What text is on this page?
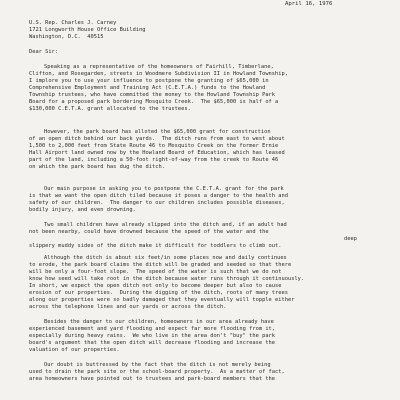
April 16, 1976
U.S. Rep. Charles J. Carney
1721 Longworth House Office Building
Washington, D.C.  40515
Dear Sir:
Speaking as a representative of the homeowners of Fairhill, Timberlane,
Clifton, and Rosegarden, streets in Woodmere Subdivision II in Howland Township,
I implore you to use your influence to postpone the granting of $65,000 in
Comprehensive Employment and Training Act (C.E.T.A.) funds to the Howland
Township trustees, who have committed the money to the Howland Township Park
Board for a proposed park bordering Mosquito Creek.  The $65,000 is half of a
$130,000 C.E.T.A. grant allocated to the trustees.
However, the park board has alloted the $65,000 grant for construction
of an open ditch behind our back yards.  The ditch runs from east to west about
1,500 to 2,000 feet from State Route 46 to Mosquito Creek on the former Ernie
Hall Airport land owned now by the Howland Board of Education, which has leased
part of the land, including a 50-foot right-of-way from the creek to Route 46
on which the park board has dug the ditch.
Our main purpose in asking you to postpone the C.E.T.A. grant for the park
is that we want the open ditch tiled because it poses a danger to the health and
safety of our children.  The danger to our children includes possible diseases,
bodily injury, and even drowning.
Two small children have already slipped into the ditch and, if an adult had
not been nearby, could have drowned because the speed of the water and the
deep
slippery muddy sides of the ditch make it difficult for toddlers to climb out.
Although the ditch is about six feet/in some places now and daily continues
to erode, the park board claims the ditch will be graded and seeded so that there
will be only a four-foot slope.  The speed of the water is such that we do not
know how seed will take root in the ditch because water runs through it continuously.
In short, we expect the open ditch not only to become deeper but also to cause
erosion of our properties.  During the digging of the ditch, roots of many trees
along our properties were so badly damaged that they eventually will topple either
across the telephone lines and our yards or across the ditch.
Besides the danger to our children, homeowners in our area already have
experienced basement and yard flooding and expect far more flooding from it,
especially during heavy rains.  We who live in the area don't "buy" the park
board's argument that the open ditch will decrease flooding and increase the
valuation of our properties.
Our doubt is buttressed by the fact that the ditch is not merely being
used to drain the park site or the school-board property.  As a matter of fact,
area homeowners have pointed out to trustees and park-board members that the
